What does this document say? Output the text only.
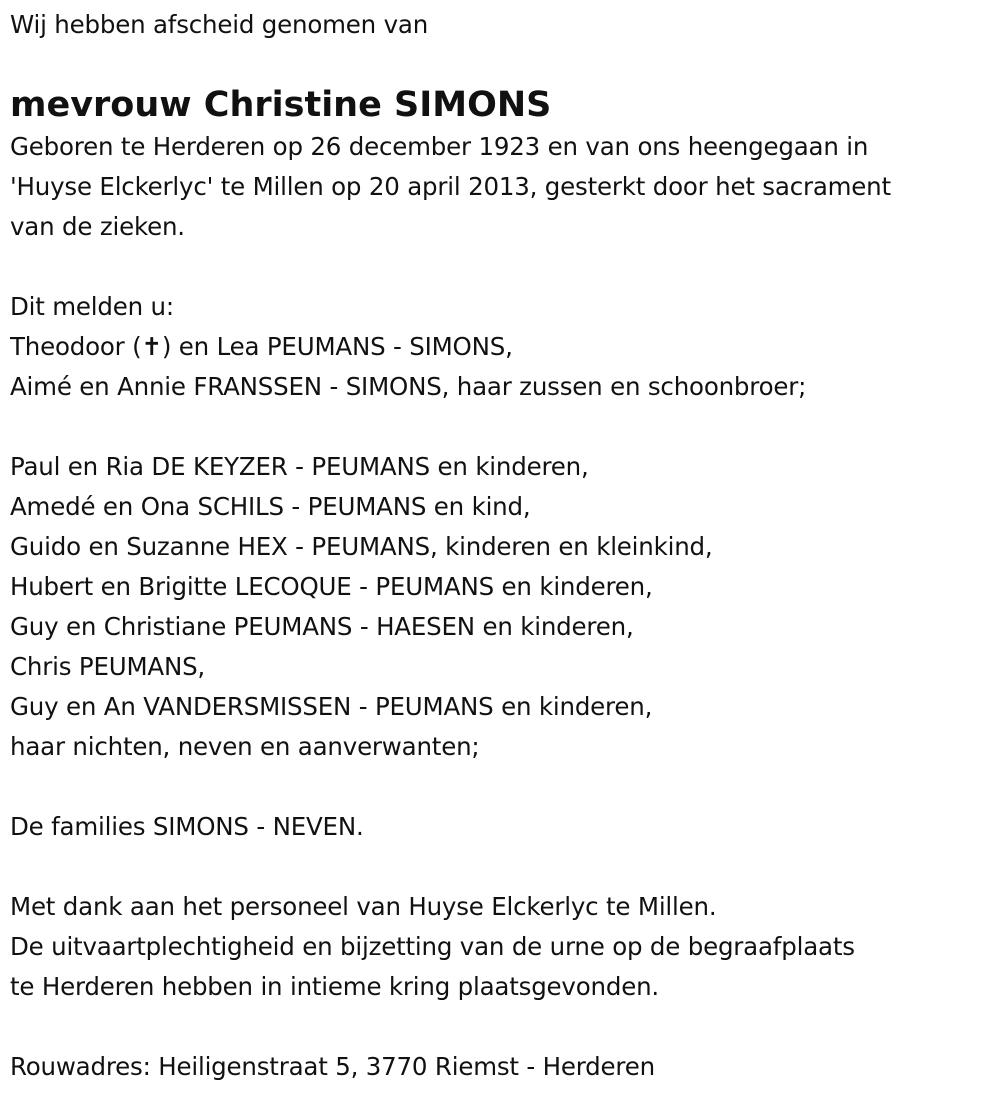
Wij hebben afscheid genomen van
mevrouw Christine SIMONS
Geboren te Herderen op 26 december 1923 en van ons heengegaan in
'Huyse Elckerlyc' te Millen op 20 april 2013, gesterkt door het sacrament
van de zieken.
Dit melden u:
Theodoor (✝) en Lea PEUMANS - SIMONS,
Aimé en Annie FRANSSEN - SIMONS, haar zussen en schoonbroer;
Paul en Ria DE KEYZER - PEUMANS en kinderen,
Amedé en Ona SCHILS - PEUMANS en kind,
Guido en Suzanne HEX - PEUMANS, kinderen en kleinkind,
Hubert en Brigitte LECOQUE - PEUMANS en kinderen,
Guy en Christiane PEUMANS - HAESEN en kinderen,
Chris PEUMANS,
Guy en An VANDERSMISSEN - PEUMANS en kinderen,
haar nichten, neven en aanverwanten;
De families SIMONS - NEVEN.
Met dank aan het personeel van Huyse Elckerlyc te Millen.
De uitvaartplechtigheid en bijzetting van de urne op de begraafplaats
te Herderen hebben in intieme kring plaatsgevonden.
Rouwadres: Heiligenstraat 5, 3770 Riemst - Herderen
